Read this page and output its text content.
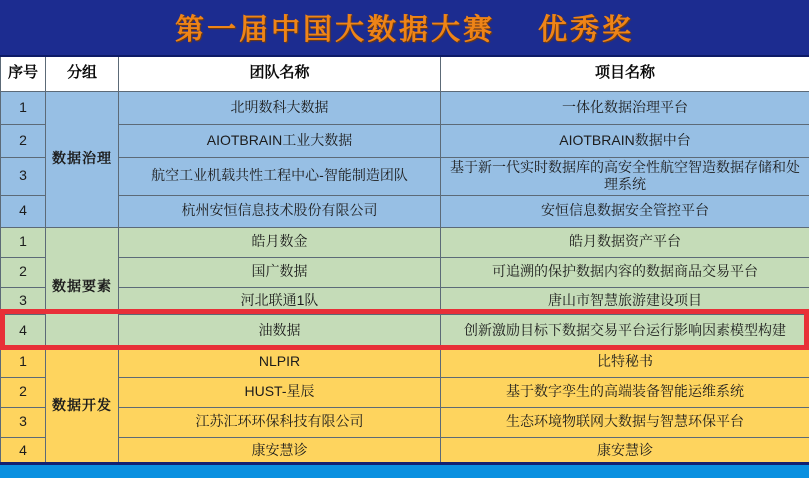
第一届中国大数据大赛　 优秀奖
序号	分组	团队名称	项目名称
1	数据治理	北明数科大数据	一体化数据治理平台
2		AIOTBRAIN工业大数据	AIOTBRAIN数据中台
3		航空工业机载共性工程中心-智能制造团队	基于新一代实时数据库的高安全性航空智造数据存储和处理系统
4		杭州安恒信息技术股份有限公司	安恒信息数据安全管控平台
1	数据要素	皓月数金	皓月数据资产平台
2		国广数据	可追溯的保护数据内容的数据商品交易平台
3		河北联通1队	唐山市智慧旅游建设项目
4		油数据	创新激励目标下数据交易平台运行影响因素模型构建
1	数据开发	NLPIR	比特秘书
2		HUST-星辰	基于数字孪生的高端装备智能运维系统
3		江苏汇环环保科技有限公司	生态环境物联网大数据与智慧环保平台
4		康安慧诊	康安慧诊
